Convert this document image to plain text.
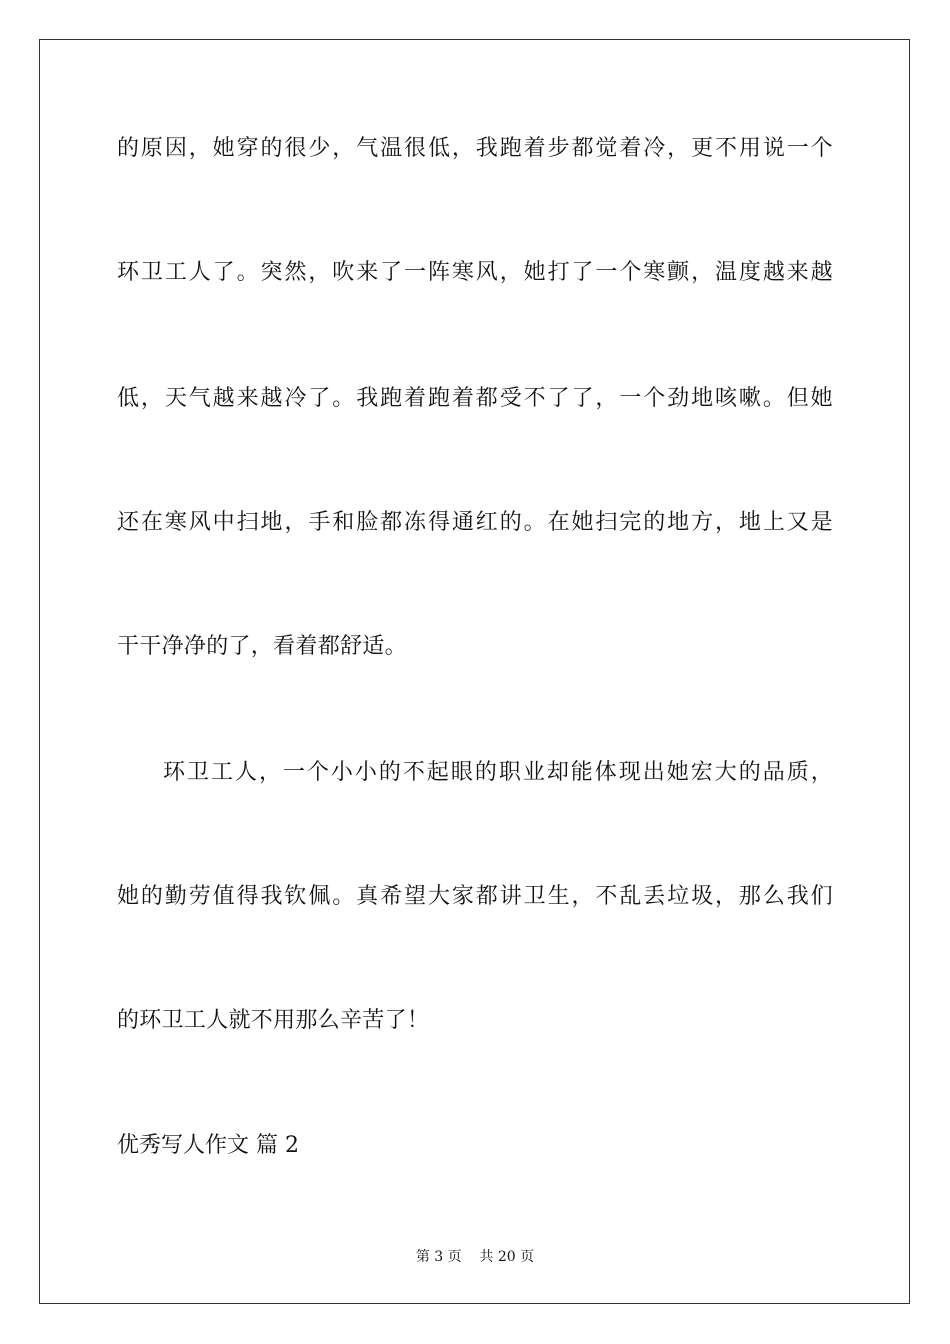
的原因，她穿的很少，气温很低，我跑着步都觉着冷，更不用说一个
环卫工人了。突然，吹来了一阵寒风，她打了一个寒颤，温度越来越
低，天气越来越冷了。我跑着跑着都受不了了，一个劲地咳嗽。但她
还在寒风中扫地，手和脸都冻得通红的。在她扫完的地方，地上又是
干干净净的了，看着都舒适。
环卫工人，一个小小的不起眼的职业却能体现出她宏大的品质，
她的勤劳值得我钦佩。真希望大家都讲卫生，不乱丢垃圾，那么我们
的环卫工人就不用那么辛苦了！
优秀写人作文 篇 2
第 3 页    共 20 页
